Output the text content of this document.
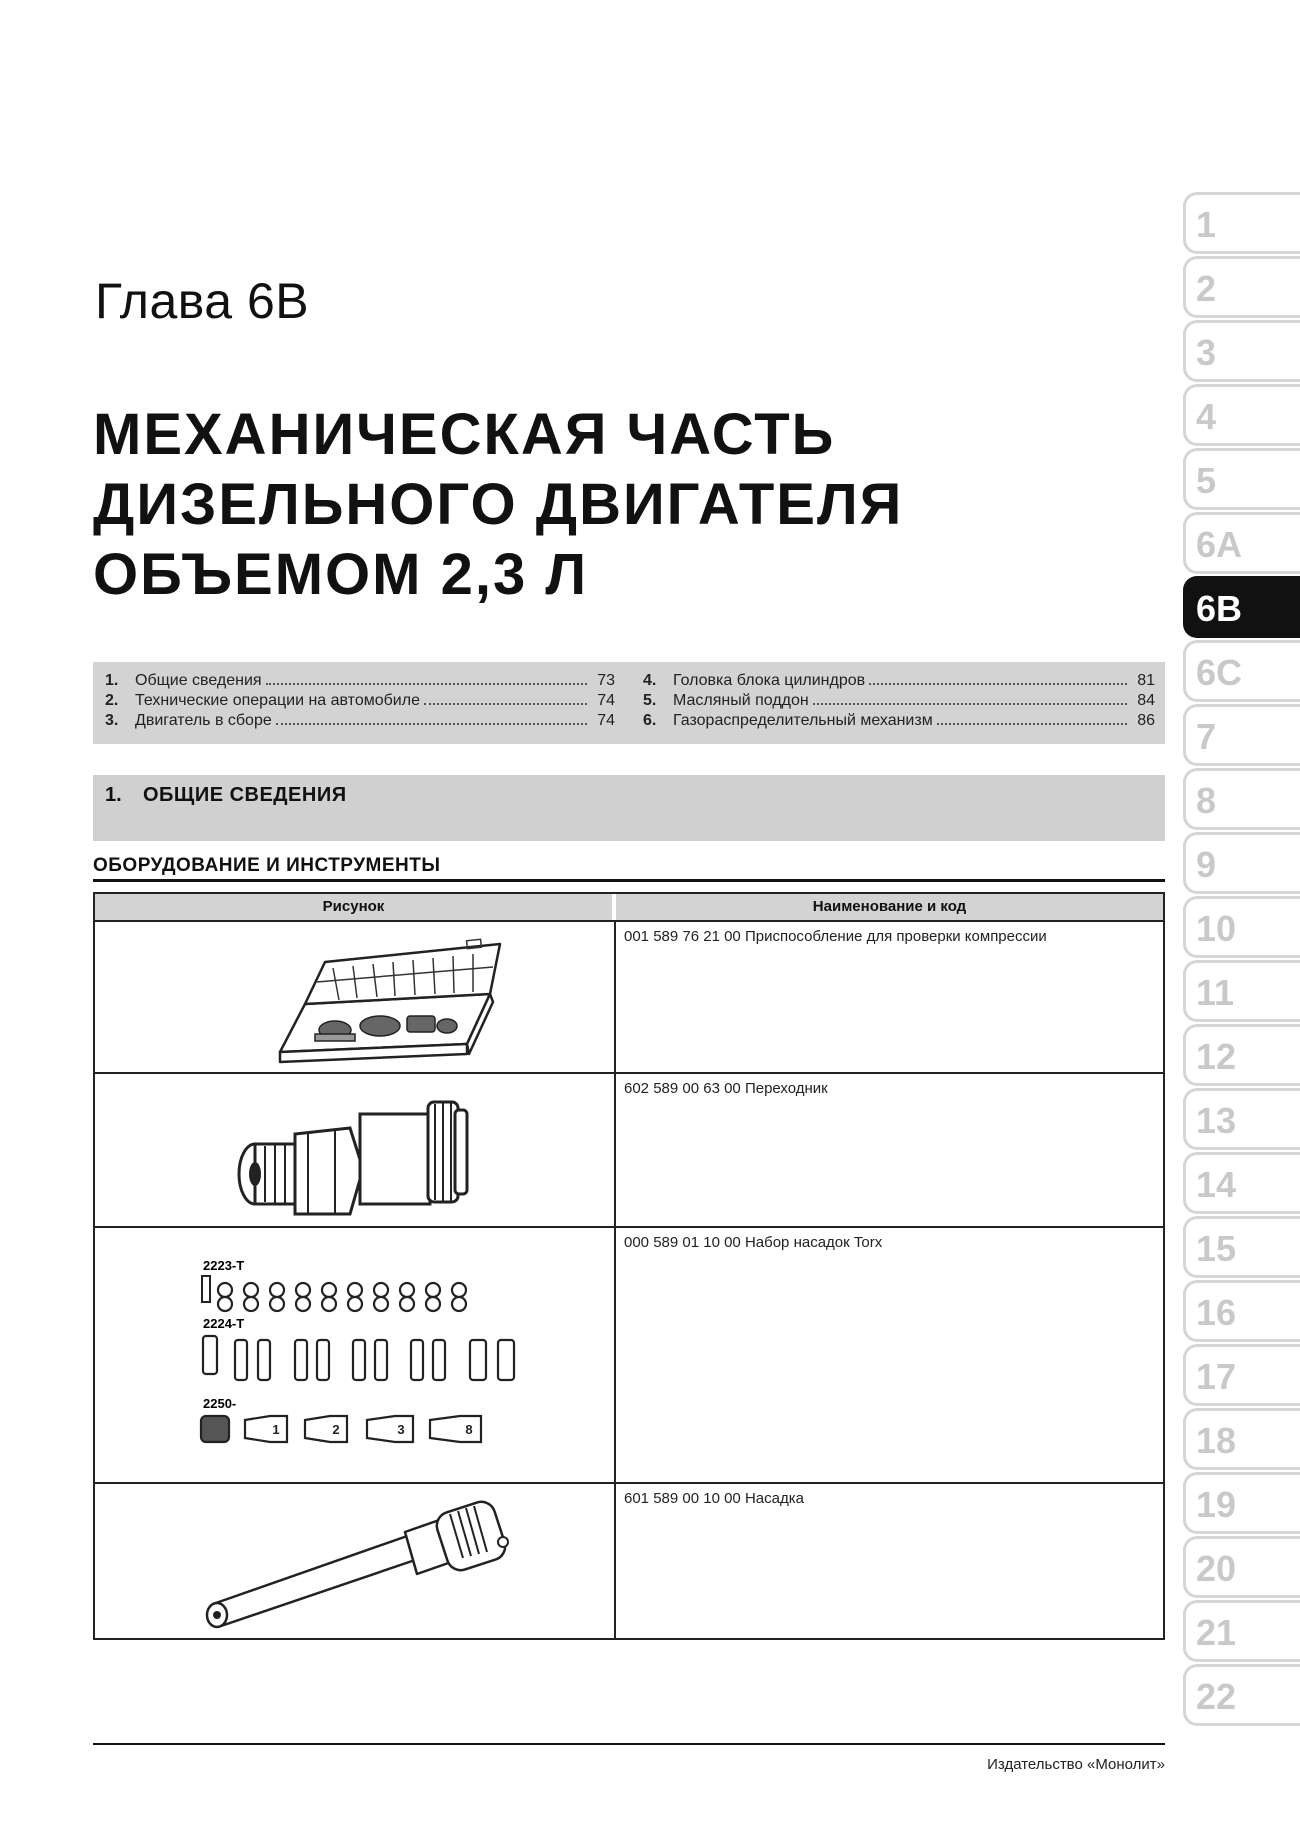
Глава 6В
МЕХАНИЧЕСКАЯ ЧАСТЬ
ДИЗЕЛЬНОГО ДВИГАТЕЛЯ
ОБЪЕМОМ 2,3 Л
1.	Общие сведения	73
2.	Технические операции на автомобиле	74
3.	Двигатель в сборе	74
4.	Головка блока цилиндров	81
5.	Масляный поддон	84
6.	Газораспределительный механизм	86
1. ОБЩИЕ СВЕДЕНИЯ
ОБОРУДОВАНИЕ И ИНСТРУМЕНТЫ
Рисунок	Наименование и код
001 589 76 21 00 Приспособление для проверки компрессии
602 589 00 63 00 Переходник
2223-T
2224-T
2250-
1	2	3	8
000 589 01 10 00 Набор насадок Torx
601 589 00 10 00 Насадка
1
2
3
4
5
6A
6B
6C
7
8
9
10
11
12
13
14
15
16
17
18
19
20
21
22
Издательство «Монолит»
